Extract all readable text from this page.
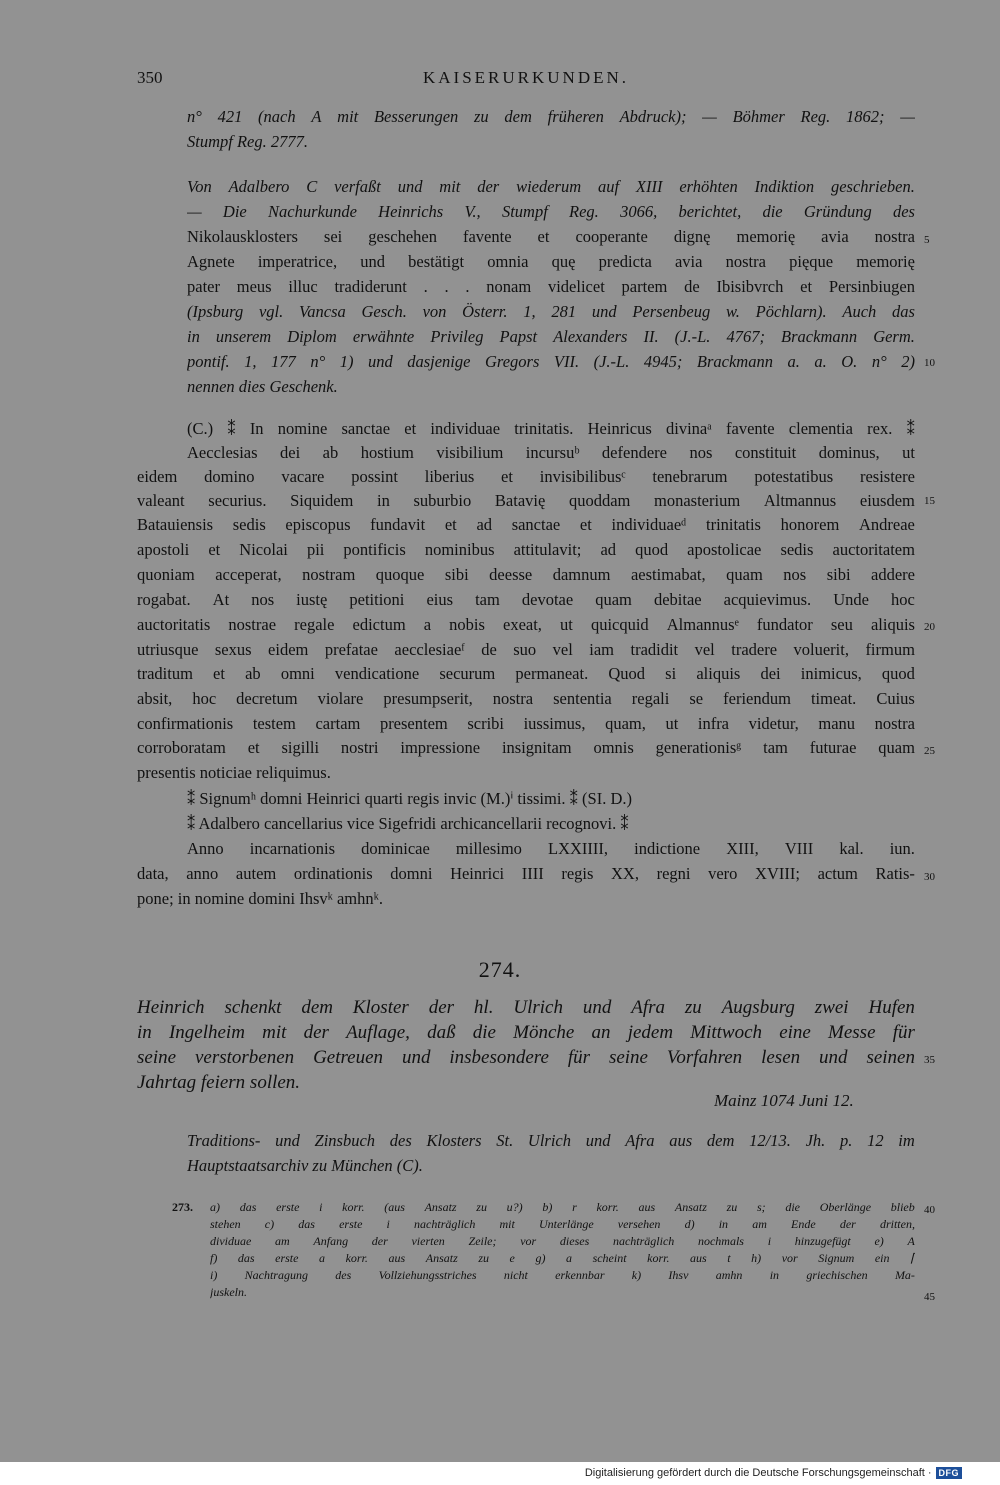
350	KAISERURKUNDEN.
n° 421 (nach A mit Besserungen zu dem früheren Abdruck); — Böhmer Reg. 1862; —
Stumpf Reg. 2777.
Von Adalbero C verfaßt und mit der wiederum auf XIII erhöhten Indiktion geschrieben.
— Die Nachurkunde Heinrichs V., Stumpf Reg. 3066, berichtet, die Gründung des
Nikolausklosters sei geschehen favente et cooperante dignę memorię avia nostra
Agnete imperatrice, und bestätigt omnia quę predicta avia nostra pięque memorię
pater meus illuc tradiderunt . . . nonam videlicet partem de Ibisibvrch et Persinbiugen
(Ipsburg vgl. Vancsa Gesch. von Österr. 1, 281 und Persenbeug w. Pöchlarn). Auch das
in unserem Diplom erwähnte Privileg Papst Alexanders II. (J.-L. 4767; Brackmann Germ.
pontif. 1, 177 n° 1) und dasjenige Gregors VII. (J.-L. 4945; Brackmann a. a. O. n° 2)
nennen dies Geschenk.
(C.) ⁑ In nomine sanctae et individuae trinitatis. Heinricus divinaᵃ favente clementia rex. ⁑
Aecclesias dei ab hostium visibilium incursuᵇ defendere nos constituit dominus, ut
eidem domino vacare possint liberius et invisibilibusᶜ tenebrarum potestatibus resistere
valeant securius. Siquidem in suburbio Batavię quoddam monasterium Altmannus eiusdem
Batauiensis sedis episcopus fundavit et ad sanctae et individuaeᵈ trinitatis honorem Andreae
apostoli et Nicolai pii pontificis nominibus attitulavit; ad quod apostolicae sedis auctoritatem
quoniam acceperat, nostram quoque sibi deesse damnum aestimabat, quam nos sibi addere
rogabat. At nos iustę petitioni eius tam devotae quam debitae acquievimus. Unde hoc
auctoritatis nostrae regale edictum a nobis exeat, ut quicquid Almannusᵉ fundator seu aliquis
utriusque sexus eidem prefatae aecclesiaeᶠ de suo vel iam tradidit vel tradere voluerit, firmum
traditum et ab omni vendicatione securum permaneat. Quod si aliquis dei inimicus, quod
absit, hoc decretum violare presumpserit, nostra sententia regali se feriendum timeat. Cuius
confirmationis testem cartam presentem scribi iussimus, quam, ut infra videtur, manu nostra
corroboratam et sigilli nostri impressione insignitam omnis generationisᵍ tam futurae quam
presentis noticiae reliquimus.
⁑ Signumʰ domni Heinrici quarti regis invic (M.)ⁱ tissimi. ⁑ (SI. D.)
⁑ Adalbero cancellarius vice Sigefridi archicancellarii recognovi. ⁑
Anno incarnationis dominicae millesimo LXXIIII, indictione XIII, VIII kal. iun.
data, anno autem ordinationis domni Heinrici IIII regis XX, regni vero XVIII; actum Ratis-
pone; in nomine domini Ihsvᵏ amhnᵏ.
274.
Heinrich schenkt dem Kloster der hl. Ulrich und Afra zu Augsburg zwei Hufen
in Ingelheim mit der Auflage, daß die Mönche an jedem Mittwoch eine Messe für
seine verstorbenen Getreuen und insbesondere für seine Vorfahren lesen und seinen
Jahrtag feiern sollen.
Mainz 1074 Juni 12.
Traditions- und Zinsbuch des Klosters St. Ulrich und Afra aus dem 12/13. Jh. p. 12 im
Hauptstaatsarchiv zu München (C).
273. a) das erste i korr. (aus Ansatz zu u?) b) r korr. aus Ansatz zu s; die Oberlänge blieb
stehen c) das erste i nachträglich mit Unterlänge versehen d) in am Ende der dritten,
dividuae am Anfang der vierten Zeile; vor dieses nachträglich nochmals i hinzugefügt e) A
f) das erste a korr. aus Ansatz zu e g) a scheint korr. aus t h) vor Signum ein ⌈
i) Nachtragung des Vollziehungsstriches nicht erkennbar k) Ihsv amhn in griechischen Ma-
juskeln.
5
10
15
20
25
30
35
40
45
Digitalisierung gefördert durch die Deutsche Forschungsgemeinschaft · DFG
